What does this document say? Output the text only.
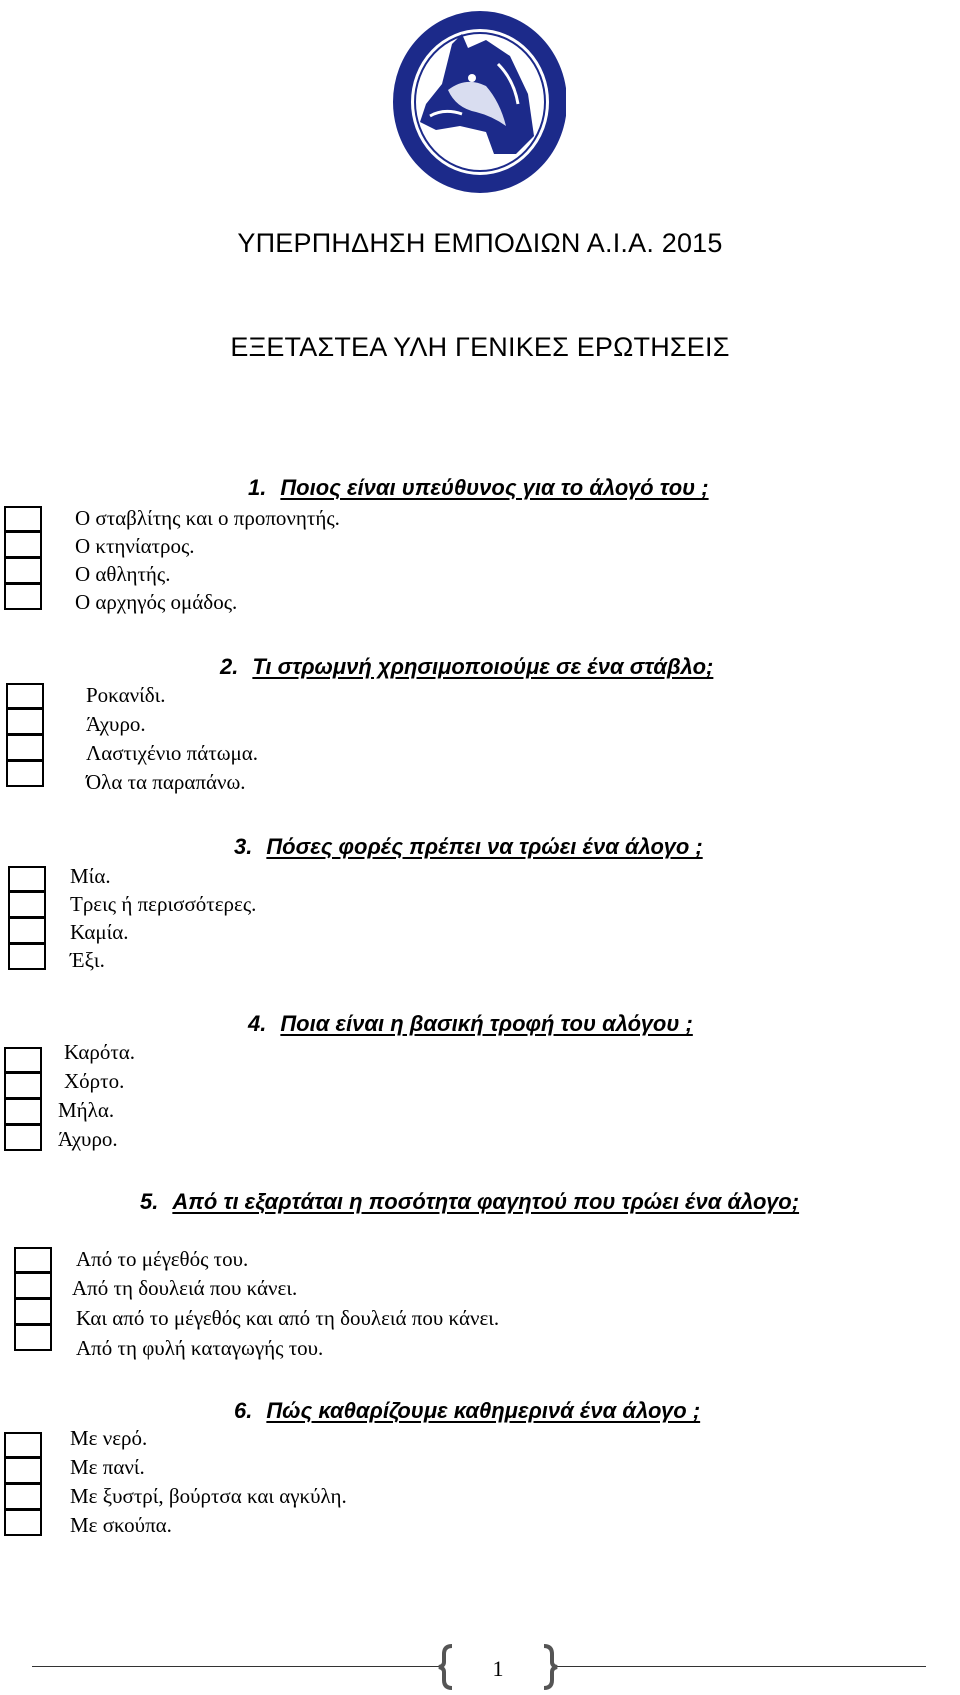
ΥΠΕΡΠΗΔΗΣΗ ΕΜΠΟΔΙΩΝ Α.Ι.Α. 2015
ΕΞΕΤΑΣΤΕΑ ΥΛΗ ΓΕΝΙΚΕΣ ΕΡΩΤΗΣΕΙΣ
1. Ποιος είναι υπεύθυνος για το άλογό του ;
Ο σταβλίτης και ο προπονητής.
Ο κτηνίατρος.
Ο αθλητής.
Ο αρχηγός ομάδος.
2. Τι στρωμνή χρησιμοποιούμε σε ένα στάβλο;
Ροκανίδι.
Άχυρο.
Λαστιχένιο πάτωμα.
Όλα τα παραπάνω.
3. Πόσες φορές πρέπει να τρώει ένα άλογο ;
Μία.
Τρεις ή περισσότερες.
Καμία.
Έξι.
4. Ποια είναι η βασική τροφή του αλόγου ;
Καρότα.
Χόρτο.
Μήλα.
Άχυρο.
5. Από τι εξαρτάται η ποσότητα φαγητού που τρώει ένα άλογο;
Από το μέγεθός του.
Από τη δουλειά που κάνει.
Και από το μέγεθός και από τη δουλειά που κάνει.
Από τη φυλή καταγωγής του.
6. Πώς καθαρίζουμε καθημερινά ένα άλογο ;
Με νερό.
Με πανί.
Με ξυστρί, βούρτσα και αγκύλη.
Με σκούπα.
1
